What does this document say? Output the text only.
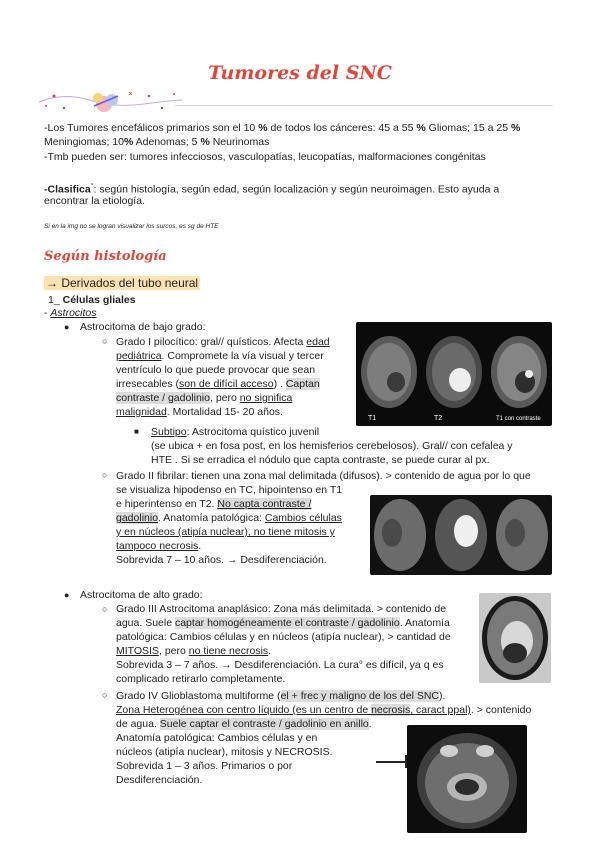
Tumores del SNC
-Los Tumores encefálicos primarios son el 10 % de todos los cánceres: 45 a 55 % Gliomas; 15 a 25 %
Meningiomas; 10% Adenomas; 5 % Neurinomas
-Tmb pueden ser: tumores infecciosos, vasculopatías, leucopatías, malformaciones congénitas
-Clasifica°: según histología, según edad, según localización y según neuroimagen. Esto ayuda a
encontrar la etiología.
Si en la img no se logran visualizar los surcos, es sg de HTE
Según histología
→ Derivados del tubo neural
1_ Células gliales
- Astrocitos
● Astrocitoma de bajo grado:
○ Grado I pilocítico: gral// quísticos. Afecta edad
pediátrica. Compromete la vía visual y tercer
ventrículo lo que puede provocar que sean
irresecables (son de difícil acceso) . Captan
contraste / gadolinio, pero no significa
malignidad. Mortalidad 15- 20 años.
T1	T2	T1 con contraste
■ Subtipo: Astrocitoma quístico juvenil
(se ubica + en fosa post, en los hemisferios cerebelosos). Gral// con cefalea y
HTE . Si se erradica el nódulo que capta contraste, se puede curar al px.
○ Grado II fibrilar: tienen una zona mal delimitada (difusos). > contenido de agua por lo que
se visualiza hipodenso en TC, hipointenso en T1
e hiperintenso en T2. No capta contraste /
gadolinio. Anatomía patológica: Cambios células
y en núcleos (atipía nuclear), no tiene mitosis y
tampoco necrosis.
Sobrevida 7 – 10 años. → Desdiferenciación.
● Astrocitoma de alto grado:
○ Grado III Astrocitoma anaplásico: Zona más delimitada. > contenido de
agua. Suele captar homogéneamente el contraste / gadolinio. Anatomía
patológica: Cambios células y en núcleos (atipía nuclear), > cantidad de
MITOSIS, pero no tiene necrosis.
Sobrevida 3 – 7 años. → Desdiferenciación. La cura° es difícil, ya q es
complicado retirarlo completamente.
○ Grado IV Glioblastoma multiforme (el + frec y maligno de los del SNC).
Zona Heterogénea con centro líquido (es un centro de necrosis, caract ppal). > contenido
de agua. Suele captar el contraste / gadolinio en anillo.
Anatomía patológica: Cambios células y en
núcleos (atipía nuclear), mitosis y NECROSIS.
Sobrevida 1 – 3 años. Primarios o por
Desdiferenciación.
